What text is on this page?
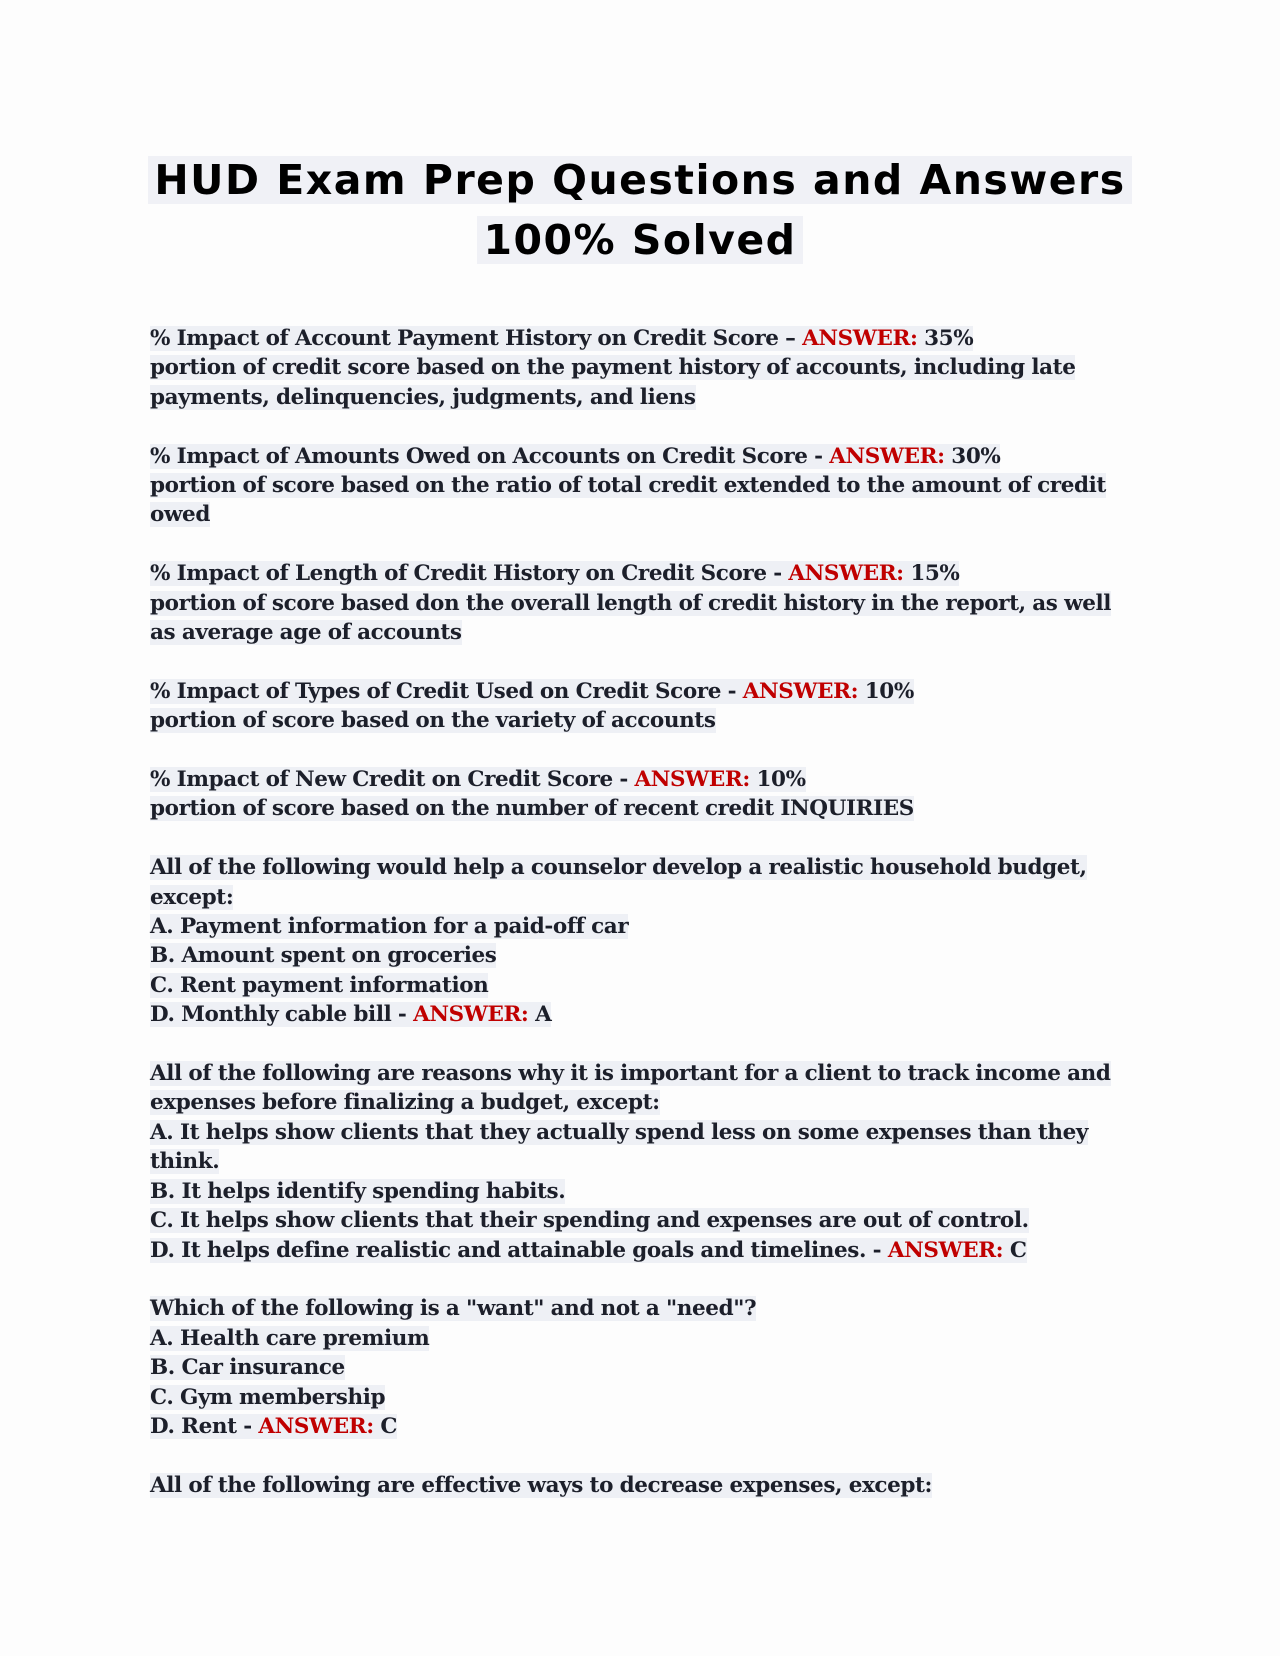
HUD Exam Prep Questions and Answers
100% Solved
% Impact of Account Payment History on Credit Score – ANSWER: 35%
portion of credit score based on the payment history of accounts, including late
payments, delinquencies, judgments, and liens
% Impact of Amounts Owed on Accounts on Credit Score - ANSWER: 30%
portion of score based on the ratio of total credit extended to the amount of credit
owed
% Impact of Length of Credit History on Credit Score - ANSWER: 15%
portion of score based don the overall length of credit history in the report, as well
as average age of accounts
% Impact of Types of Credit Used on Credit Score - ANSWER: 10%
portion of score based on the variety of accounts
% Impact of New Credit on Credit Score - ANSWER: 10%
portion of score based on the number of recent credit INQUIRIES
All of the following would help a counselor develop a realistic household budget,
except:
A. Payment information for a paid-off car
B. Amount spent on groceries
C. Rent payment information
D. Monthly cable bill - ANSWER: A
All of the following are reasons why it is important for a client to track income and
expenses before finalizing a budget, except:
A. It helps show clients that they actually spend less on some expenses than they
think.
B. It helps identify spending habits.
C. It helps show clients that their spending and expenses are out of control.
D. It helps define realistic and attainable goals and timelines. - ANSWER: C
Which of the following is a "want" and not a "need"?
A. Health care premium
B. Car insurance
C. Gym membership
D. Rent - ANSWER: C
All of the following are effective ways to decrease expenses, except:
